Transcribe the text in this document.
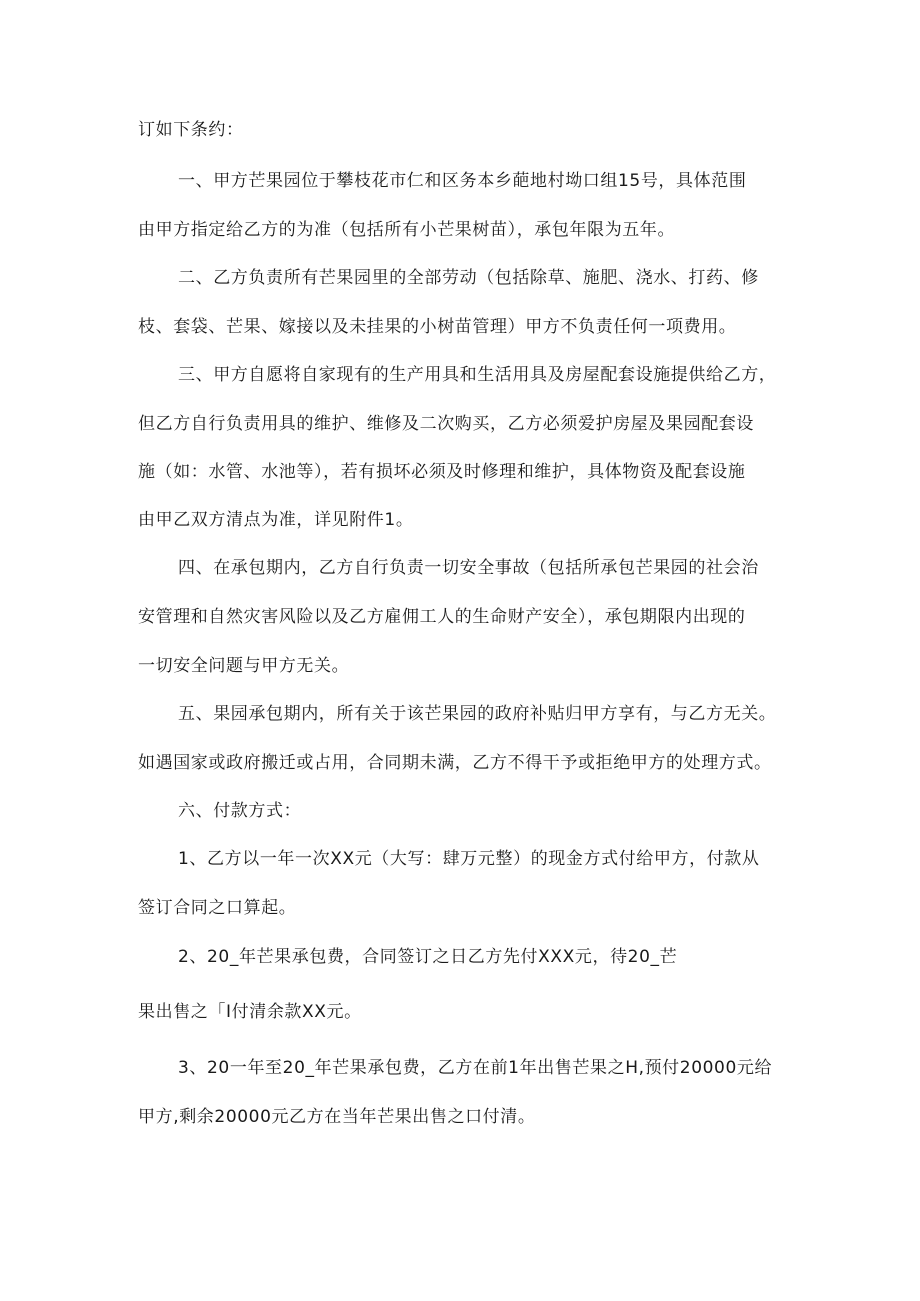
订如下条约：

一、甲方芒果园位于攀枝花市仁和区务本乡葩地村坳口组15号，具体范围

由甲方指定给乙方的为准（包括所有小芒果树苗），承包年限为五年。

二、乙方负责所有芒果园里的全部劳动（包括除草、施肥、浇水、打药、修

枝、套袋、芒果、嫁接以及未挂果的小树苗管理）甲方不负责任何一项费用。

三、甲方自愿将自家现有的生产用具和生活用具及房屋配套设施提供给乙方，

但乙方自行负责用具的维护、维修及二次购买，乙方必须爱护房屋及果园配套设

施（如：水管、水池等），若有损坏必须及时修理和维护，具体物资及配套设施

由甲乙双方清点为准，详见附件1。

四、在承包期内，乙方自行负责一切安全事故（包括所承包芒果园的社会治

安管理和自然灾害风险以及乙方雇佣工人的生命财产安全），承包期限内出现的

一切安全问题与甲方无关。

五、果园承包期内，所有关于该芒果园的政府补贴归甲方享有，与乙方无关。

如遇国家或政府搬迁或占用，合同期未满，乙方不得干予或拒绝甲方的处理方式。

六、付款方式：

1、乙方以一年一次XX元（大写：肆万元整）的现金方式付给甲方，付款从

签订合同之口算起。

2、20_年芒果承包费，合同签订之日乙方先付XXX元，待20_芒

果出售之「I付清余款XX元。

3、20一年至20_年芒果承包费，乙方在前1年出售芒果之H,预付20000元给

甲方,剩余20000元乙方在当年芒果出售之口付清。
